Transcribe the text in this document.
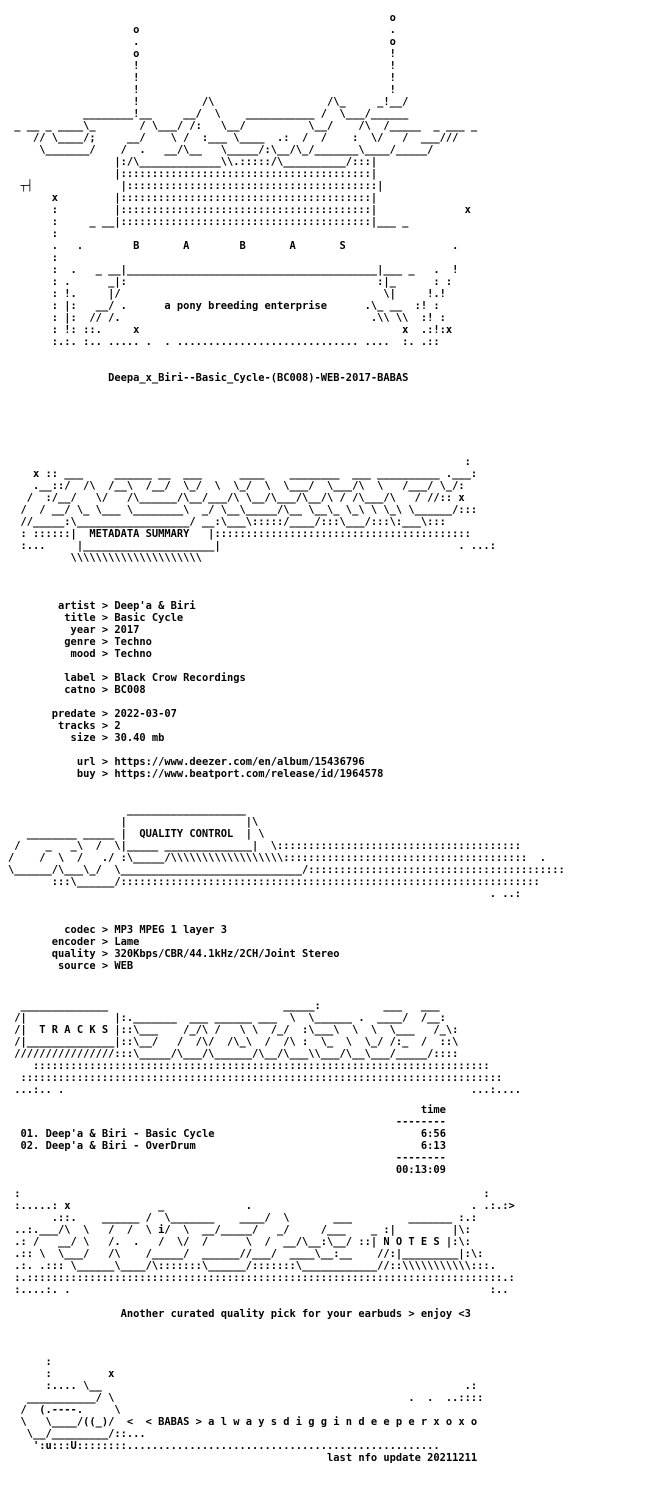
o
o                                        .
.                                        o
o                                        !
!                                        !
!                                        !
!                                        !
!          /\                  /\_     _!__/
________!__     __/  \    ___________ /  \___/______
_ __ _ ____\_       / \___/ /:   \__/          \__/    /\  /_____  _ ___ _
// \____/;     __/    \ /  :___ \____  .:  /  /    :  \/   /  ___///
\_______/    /  .   __/\__   \_____/:\__/\_/_______\____/_____/
|:/\_____________\\.:::::/\__________/:::|
|::::::::::::::::::::::::::::::::::::::::|
┬┤              |::::::::::::::::::::::::::::::::::::::::|
x         |::::::::::::::::::::::::::::::::::::::::|
:         |::::::::::::::::::::::::::::::::::::::::|              x
:     _ __|::::::::::::::::::::::::::::::::::::::::|___ _
:
.   .        B       A        B       A       S                 .
:
:  .   _ __|________________________________________|___ _   .  !
: .      _|:                                        :|_      : :
: !.     |/                                          \|     !.!
: |:   __/ .      a pony breeding enterprise      .\_ __  :! :
: |:  // /.                                        .\\ \\  :! :
: !: ::.     x                                          x  .:!:x
:.:. :.. ..... .  . ............................. ....  :. .::

Deepa_x_Biri--Basic_Cycle-(BC008)-WEB-2017-BABAS
:
x :: ___     ______ __  ___      ____    ________  ___ __________ .___:
.__::/  /\  /__\  /__/  \_/  \  \_/  \  \___/  \___/\  \   /___/ \_/:
/  :/__/   \/   /\______/\__/___/\ \__/\___/\__/\ / /\___/\   / //:: x
/  / __/ \_ \___ \________\  _/ \__\_____/\__ \__\_ \_\ \ \_\ \______/:::
//_____:\__________________/ __:\___\:::::/____/:::\___/:::\:___\:::
: ::::::|  METADATA SUMMARY   |:::::::::::::::::::::::::::::::::::::::::
:...     |_____________________|                                      . ...:
\\\\\\\\\\\\\\\\\\\\\
artist > Deep'a & Biri
title > Basic Cycle
year > 2017
genre > Techno
mood > Techno

label > Black Crow Recordings
catno > BC008

predate > 2022-03-07
tracks > 2
size > 30.40 mb

url > https://www.deezer.com/en/album/15436796
buy > https://www.beatport.com/release/id/1964578
___________________
|                   |\
________ _____ |  QUALITY CONTROL  | \
/    _   _\  /  \|_____ ______________|  \:::::::::::::::::::::::::::::::::::::::
/    /  \  /   ./ :\_____/\\\\\\\\\\\\\\\\\\:::::::::::::::::::::::::::::::::::::::  .
\______/\___\_/  \_____________________________/:::::::::::::::::::::::::::::::::::::::::
:::\______/:::::::::::::::::::::::::::::::::::::::::::::::::::::::::::::::::::
. ..:
codec > MP3 MPEG 1 layer 3
encoder > Lame
quality > 320Kbps/CBR/44.1kHz/2CH/Joint Stereo
source > WEB
______________                            _____:          ___   ___
/|              |:._______  ___ ______ ___  \  \______ .  ____/  /__:
/|  T R A C K S |::\___    /_/\ /   \ \  /_/  :\___\  \  \  \___   /_\:
/|______________|::\__/   /  /\/  /\_\  /  /\ :  \_  \  \_/ /:_  /  ::\
////////////////:::\_____/\___/\______/\__/\___\\___/\__\___/_____/::::
:::::::::::::::::::::::::::::::::::::::::::::::::::::::::::::::::::::::::
:::::::::::::::::::::::::::::::::::::::::::::::::::::::::::::::::::::::::::::
...:.. .                                                                 ...:....
time
--------
01. Deep'a & Biri - Basic Cycle	6:56
02. Deep'a & Biri - OverDrum	6:13
--------
00:13:09
:                                                                          :
:.....: x              _             .                                   . .:.:>
.::.    ______ /  \_______    ____/  \       ___         _______ :.:
..:.___/\  \   /  /  \ i/  \  __/_____/   _/     /___    _ :|         |\:
.: /   __/ \   /.  .   /  \/  /      \  /  __/\__:\__/ ::| N O T E S |:\:
.:: \  \___/   /\    /_____/  ______//___/  ____\__:__    //:|_________|:\:
.:. .::: \______\____/\:::::::\______/:::::::\____________//::\\\\\\\\\\\:::.
:.::::::::::::::::::::::::::::::::::::::::::::::::::::::::::::::::::::::::::::.:
:....:. .                                                                   :..
Another curated quality pick for your earbuds > enjoy <3
:
:         x
:.... \__                                                          .:
___________/ \                                               .  .  ..::::
/  (.----.     \
\   \____/((_)/  <  < BABAS > a l w a y s d i g g i n d e e p e r x o x o
\__/_________/::...
':u:::U::::::::..................................................
last nfo update 20211211
